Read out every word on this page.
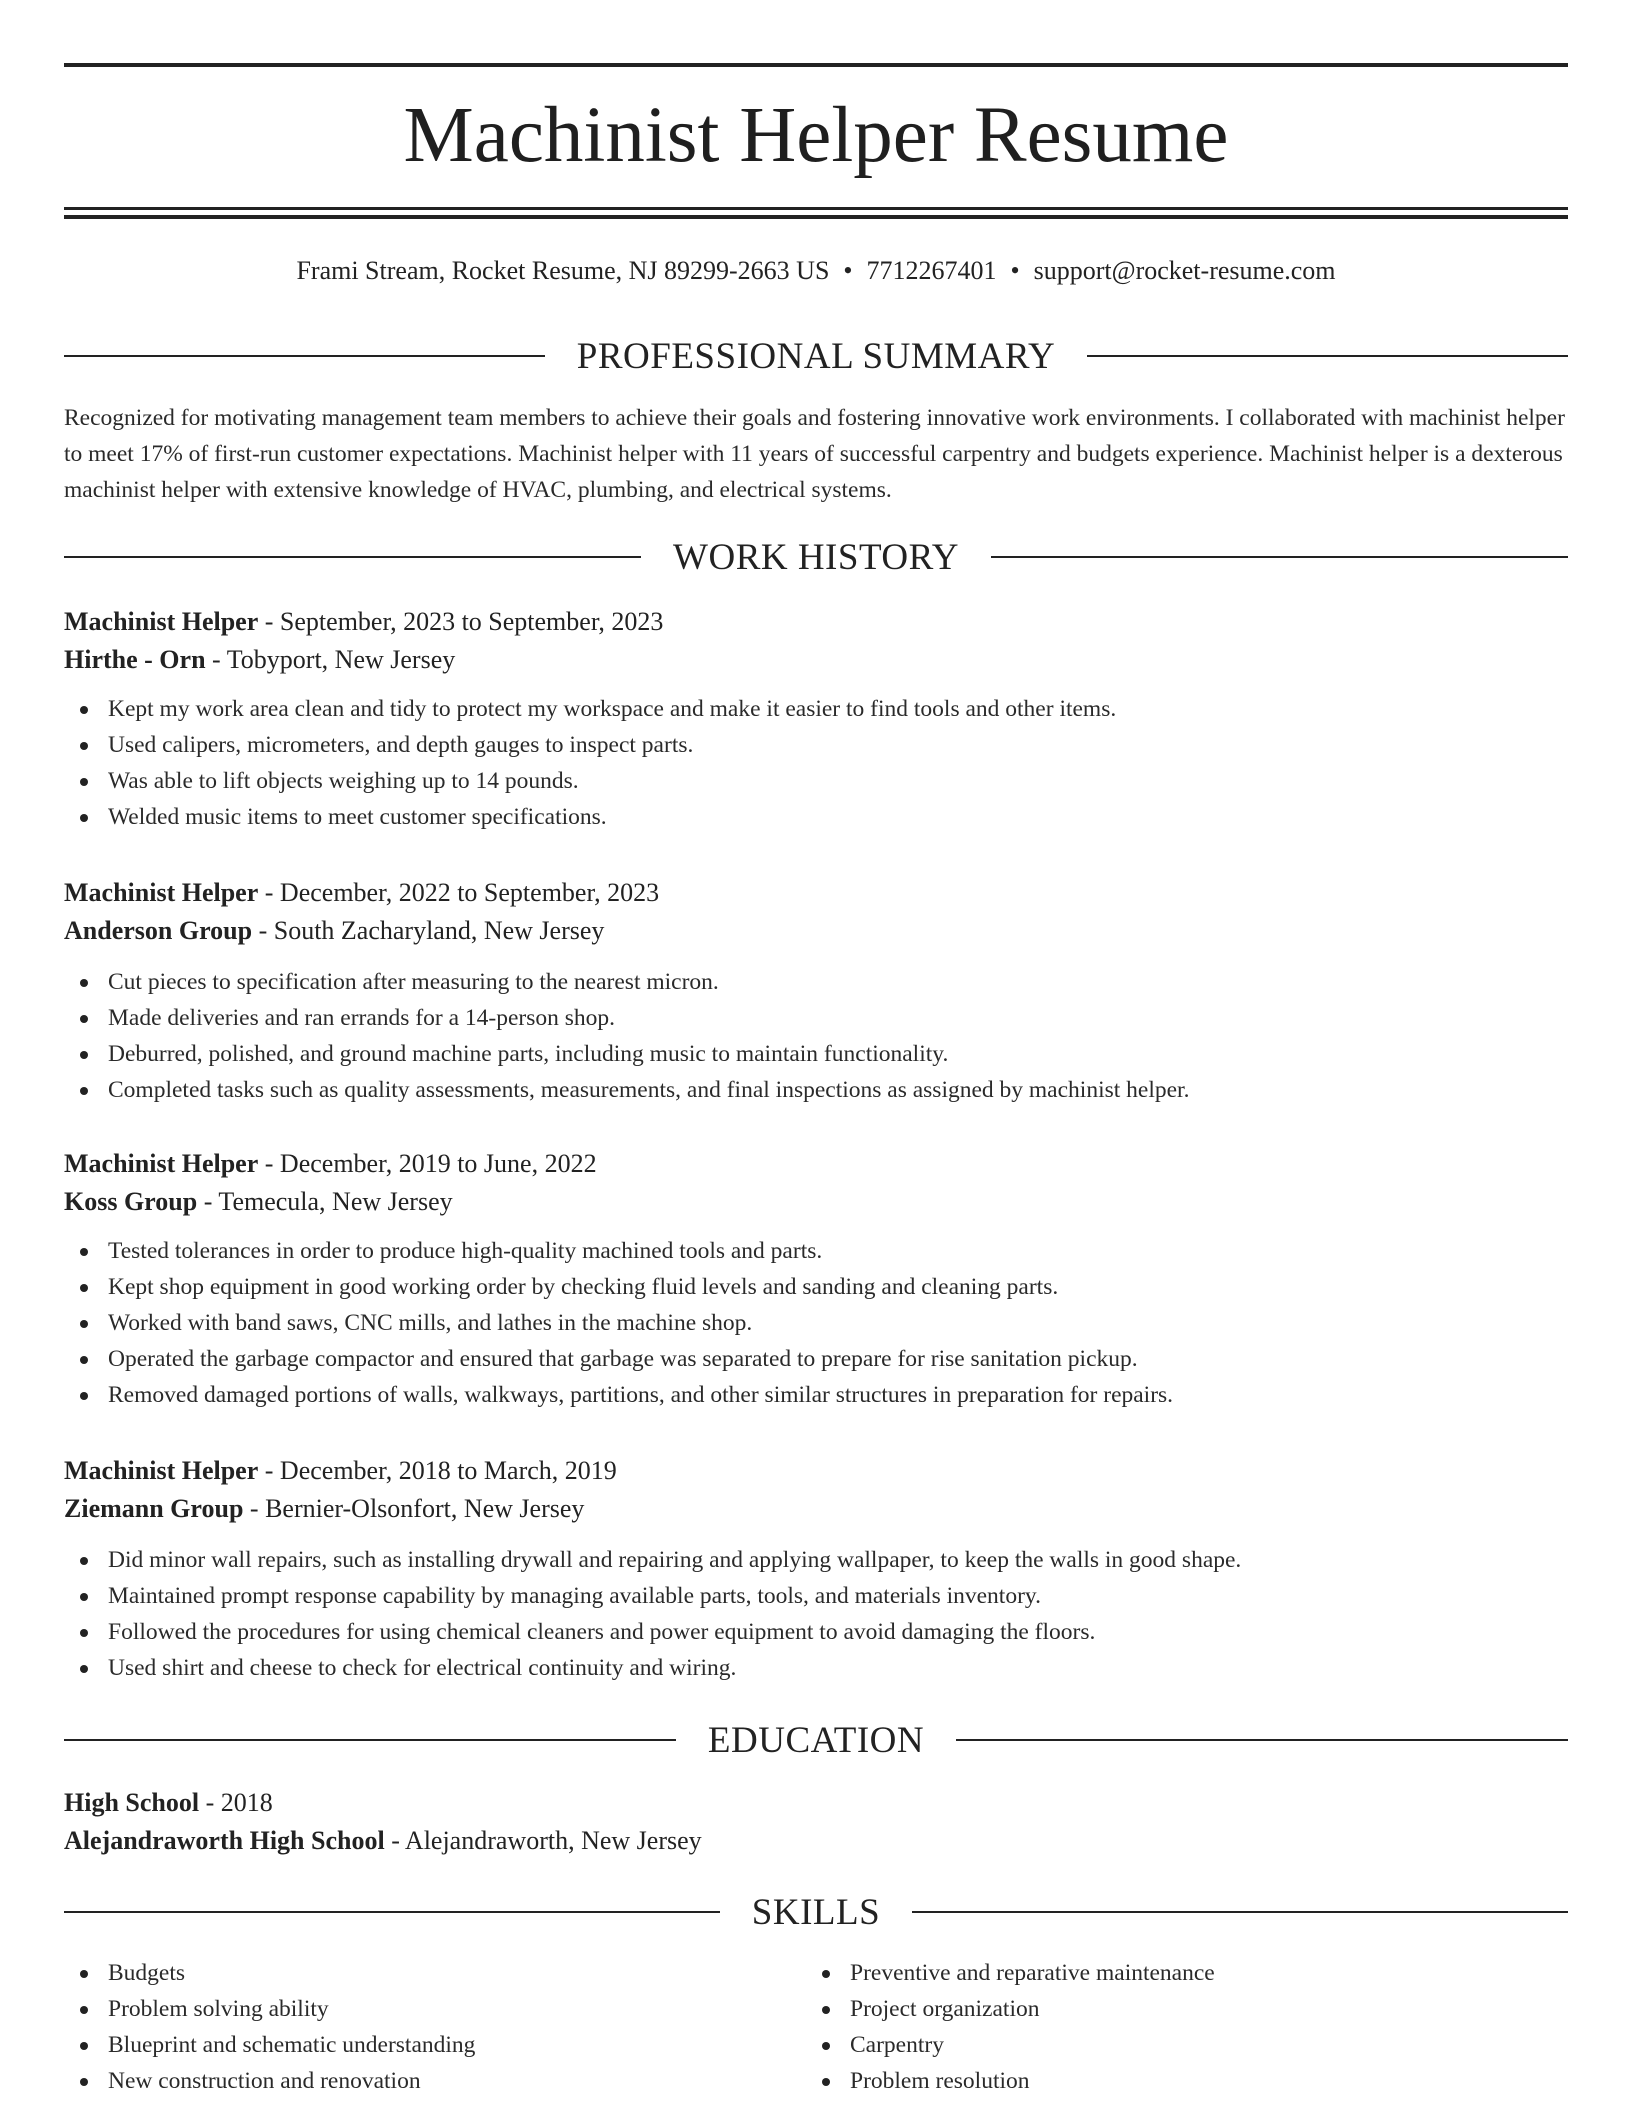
Machinist Helper Resume
Frami Stream, Rocket Resume, NJ 89299-2663 US • 7712267401 • support@rocket-resume.com
PROFESSIONAL SUMMARY

Recognized for motivating management team members to achieve their goals and fostering innovative work environments. I collaborated with machinist helper to meet 17% of first-run customer expectations. Machinist helper with 11 years of successful carpentry and budgets experience. Machinist helper is a dexterous machinist helper with extensive knowledge of HVAC, plumbing, and electrical systems.

WORK HISTORY
Machinist Helper - September, 2023 to September, 2023
Hirthe - Orn - Tobyport, New Jersey
Kept my work area clean and tidy to protect my workspace and make it easier to find tools and other items.
Used calipers, micrometers, and depth gauges to inspect parts.
Was able to lift objects weighing up to 14 pounds.
Welded music items to meet customer specifications.
Machinist Helper - December, 2022 to September, 2023
Anderson Group - South Zacharyland, New Jersey
Cut pieces to specification after measuring to the nearest micron.
Made deliveries and ran errands for a 14-person shop.
Deburred, polished, and ground machine parts, including music to maintain functionality.
Completed tasks such as quality assessments, measurements, and final inspections as assigned by machinist helper.
Machinist Helper - December, 2019 to June, 2022
Koss Group - Temecula, New Jersey
Tested tolerances in order to produce high-quality machined tools and parts.
Kept shop equipment in good working order by checking fluid levels and sanding and cleaning parts.
Worked with band saws, CNC mills, and lathes in the machine shop.
Operated the garbage compactor and ensured that garbage was separated to prepare for rise sanitation pickup.
Removed damaged portions of walls, walkways, partitions, and other similar structures in preparation for repairs.
Machinist Helper - December, 2018 to March, 2019
Ziemann Group - Bernier-Olsonfort, New Jersey
Did minor wall repairs, such as installing drywall and repairing and applying wallpaper, to keep the walls in good shape.
Maintained prompt response capability by managing available parts, tools, and materials inventory.
Followed the procedures for using chemical cleaners and power equipment to avoid damaging the floors.
Used shirt and cheese to check for electrical continuity and wiring.
EDUCATION
High School - 2018
Alejandraworth High School - Alejandraworth, New Jersey
SKILLS
Budgets
Problem solving ability
Blueprint and schematic understanding
New construction and renovation
Preventive and reparative maintenance
Project organization
Carpentry
Problem resolution
